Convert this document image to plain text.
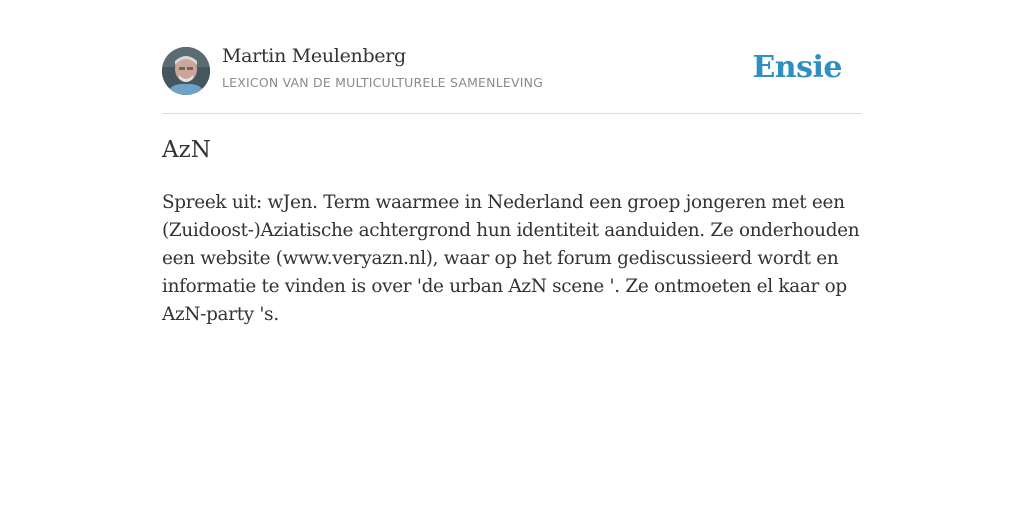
Martin Meulenberg
LEXICON VAN DE MULTICULTURELE SAMENLEVING	Ensie
AzN

Spreek uit: wJen. Term waarmee in Nederland een groep jongeren met een (Zuidoost-)Aziatische achtergrond hun identiteit aanduiden. Ze onderhouden een website (www.veryazn.nl), waar op het forum gediscussieerd wordt en informatie te vinden is over 'de urban AzN scene '. Ze ontmoeten el kaar op AzN-party 's.
